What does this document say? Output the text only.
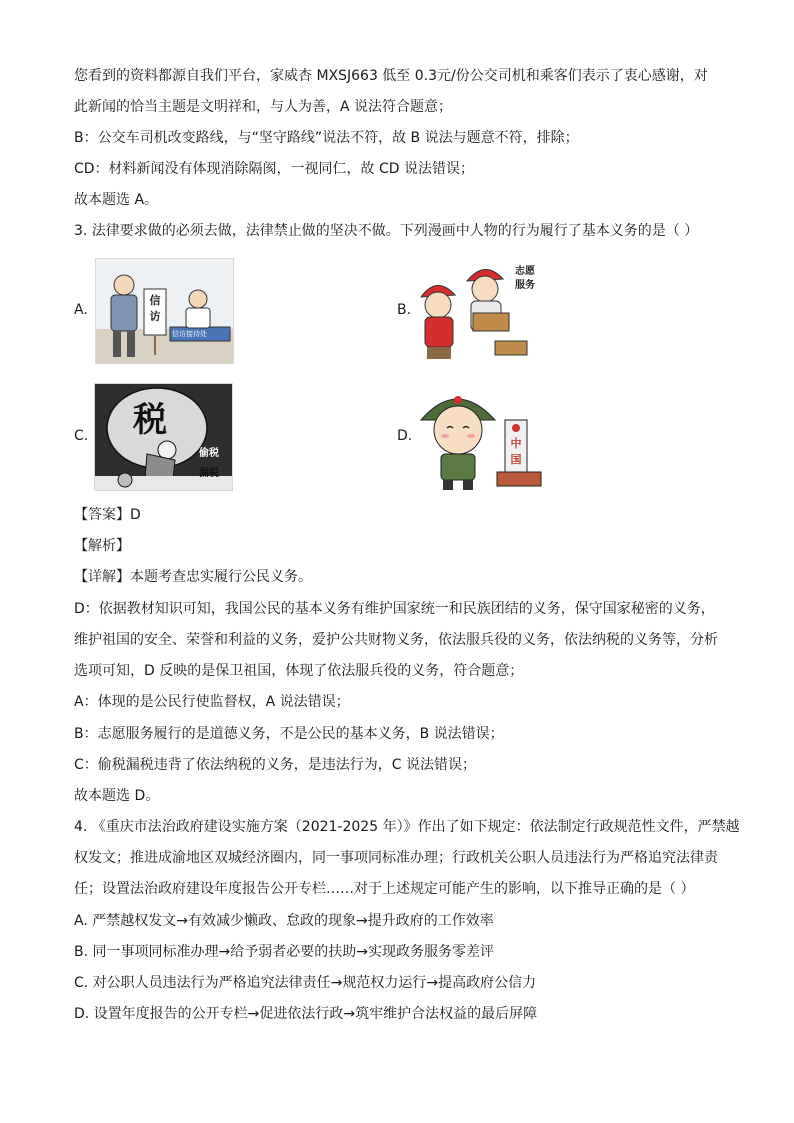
您看到的资料都源自我们平台，家威杏 MXSJ663 低至 0.3元/份公交司机和乘客们表示了衷心感谢，对
此新闻的恰当主题是文明祥和，与人为善，A 说法符合题意；
B：公交车司机改变路线，与“坚守路线”说法不符，故 B 说法与题意不符，排除；
CD：材料新闻没有体现消除隔阂，一视同仁，故 CD 说法错误；
故本题选 A。
3. 法律要求做的必须去做，法律禁止做的坚决不做。下列漫画中人物的行为履行了基本义务的是（ ）
A.
信访
信访接待处
B.
志愿服务
C. 税
偷税
漏税
D.	中国
【答案】D
【解析】
【详解】本题考查忠实履行公民义务。
D：依据教材知识可知，我国公民的基本义务有维护国家统一和民族团结的义务，保守国家秘密的义务，
维护祖国的安全、荣誉和利益的义务，爱护公共财物义务，依法服兵役的义务，依法纳税的义务等，分析
选项可知，D 反映的是保卫祖国，体现了依法服兵役的义务，符合题意；
A：体现的是公民行使监督权，A 说法错误；
B：志愿服务履行的是道德义务，不是公民的基本义务，B 说法错误；
C：偷税漏税违背了依法纳税的义务，是违法行为，C 说法错误；
故本题选 D。
4. 《重庆市法治政府建设实施方案（2021-2025 年）》作出了如下规定：依法制定行政规范性文件，严禁越
权发文；推进成渝地区双城经济圈内，同一事项同标准办理；行政机关公职人员违法行为严格追究法律责
任；设置法治政府建设年度报告公开专栏……对于上述规定可能产生的影响，以下推导正确的是（ ）
A. 严禁越权发文→有效减少懒政、怠政的现象→提升政府的工作效率
B. 同一事项同标准办理→给予弱者必要的扶助→实现政务服务零差评
C. 对公职人员违法行为严格追究法律责任→规范权力运行→提高政府公信力
D. 设置年度报告的公开专栏→促进依法行政→筑牢维护合法权益的最后屏障
